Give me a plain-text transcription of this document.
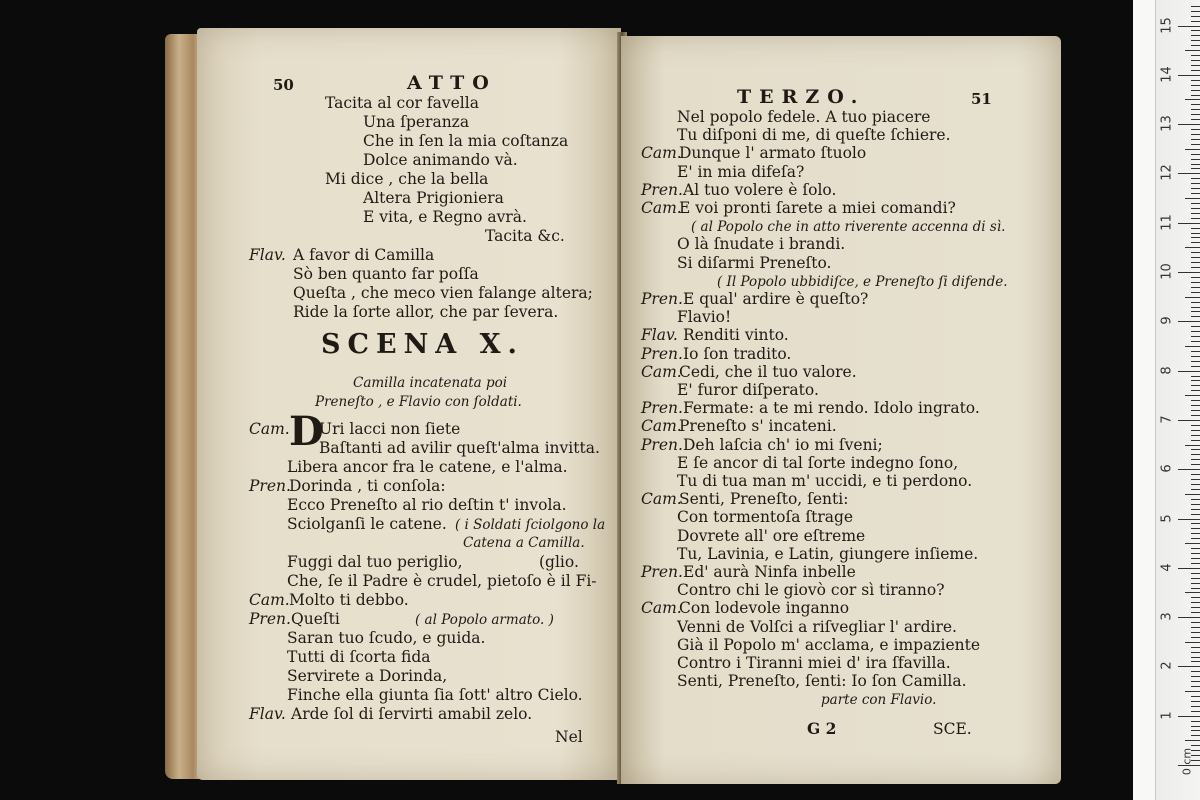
50	ATTO
Tacita al cor favella
Una ſperanza
Che in ſen la mia coſtanza
Dolce animando và.
Mi dice , che la bella
Altera Prigioniera
E vita, e Regno avrà.
Tacita &c.
Flav. A favor di Camilla
Sò ben quanto far poſſa
Queſta , che meco vien falange altera;
Ride la ſorte allor, che par ſevera.
SCENA X.
Camilla incatenata poi
Preneſto , e Flavio con ſoldati.
Cam. D
Uri lacci non ſiete
Baſtanti ad avilir queſt'alma invitta.
Libera ancor fra le catene, e l'alma.
Pren.
Dorinda , ti conſola:
Ecco Preneſto al rio deſtin t' invola.
Sciolganſi le catene. ( i Soldati ſciolgono la
Catena a Camilla.
Fuggi dal tuo periglio,	(glio.
Che, ſe il Padre è crudel, pietoſo è il Fi-
Cam. Molto ti debbo.
Pren. Queſti	( al Popolo armato. )
Saran tuo ſcudo, e guida.
Tutti di ſcorta fida
Servirete a Dorinda,
Finche ella giunta ſia ſott' altro Cielo.
Flav. Arde ſol di ſervirti amabil zelo.
Nel
TERZO.	51
Nel popolo fedele. A tuo piacere
Tu diſponi di me, di queſte ſchiere.
Cam.
Dunque l' armato ſtuolo
E' in mia difeſa?
Pren. Al tuo volere è ſolo.
Cam.
E voi pronti ſarete a miei comandi?
( al Popolo che in atto riverente accenna di sì.
O là ſnudate i brandi.
Si diſarmi Preneſto.
( Il Popolo ubbidiſce, e Preneſto ſi difende.
Pren. E qual' ardire è queſto?
Flavio!
Flav. Renditi vinto.
Pren. Io ſon tradito.
Cam.
Cedi, che il tuo valore.
E' furor diſperato.
Pren. Fermate: a te mi rendo. Idolo ingrato.
Cam.
Preneſto s' incateni.
Pren. Deh laſcia ch' io mi ſveni;
E ſe ancor di tal ſorte indegno ſono,
Tu di tua man m' uccidi, e ti perdono.
Cam.
Senti, Preneſto, ſenti:
Con tormentoſa ſtrage
Dovrete all' ore eſtreme
Tu, Lavinia, e Latin, giungere inſieme.
Pren. Ed' aurà Ninfa inbelle
Contro chi le giovò cor sì tiranno?
Cam.
Con lodevole inganno
Venni de Volſci a riſvegliar l' ardire.
Già il Popolo m' acclama, e impaziente
Contro i Tiranni miei d' ira ſfavilla.
Senti, Preneſto, ſenti: Io ſon Camilla.
parte con Flavio.
G 2	SCE.
1
2
3
4
5
6
7
8
9
10
11
12
13
14
15
0 cm
